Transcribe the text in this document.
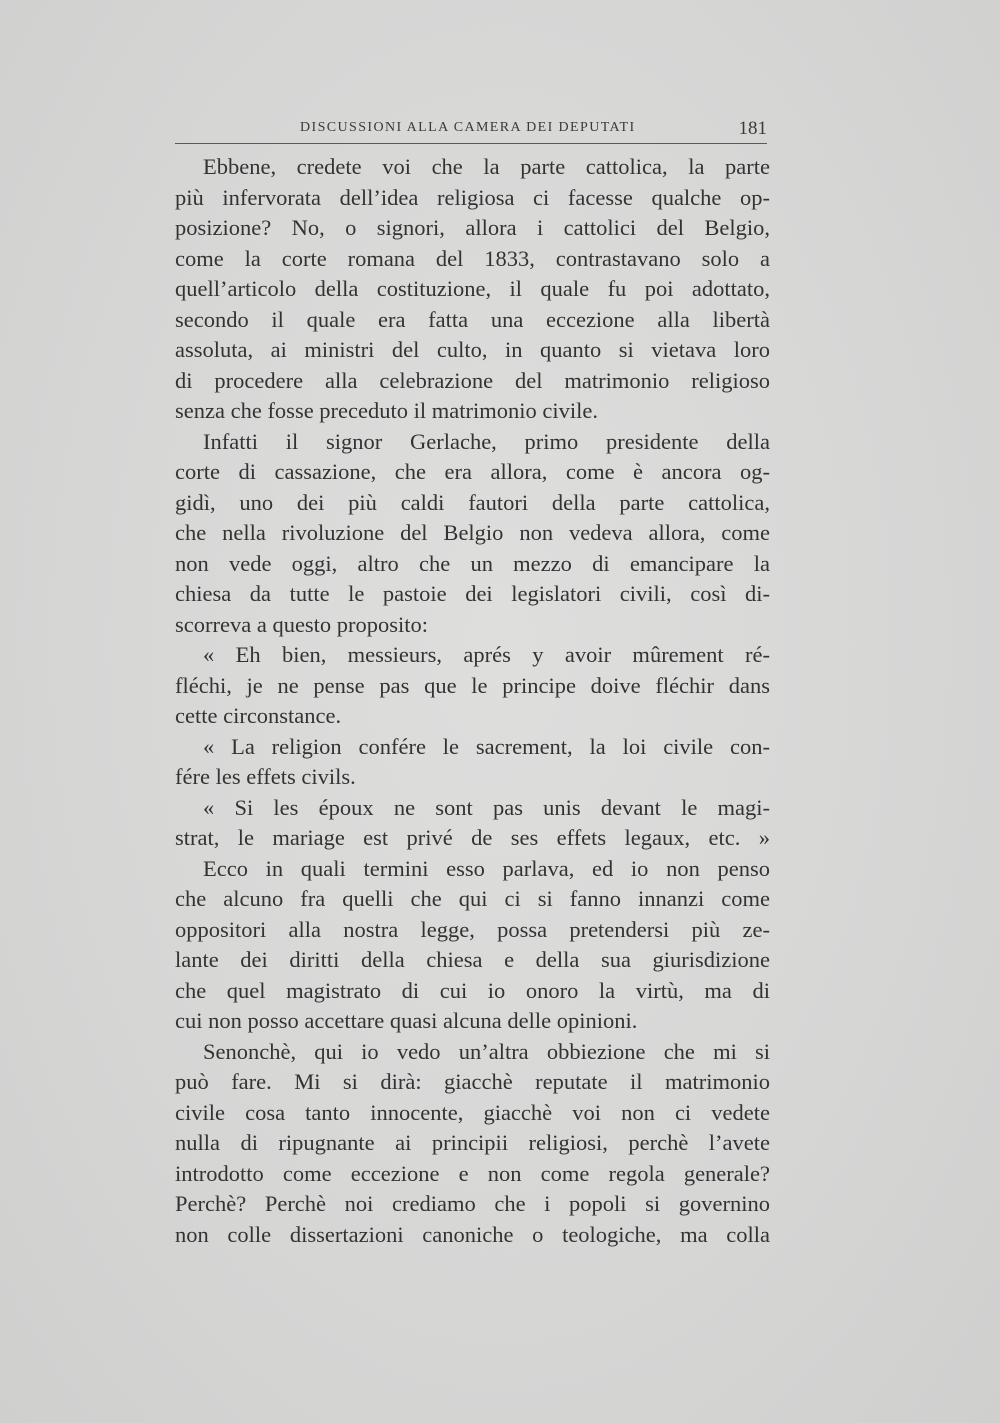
DISCUSSIONI ALLA CAMERA DEI DEPUTATI	181
Ebbene, credete voi che la parte cattolica, la parte
più infervorata dell’idea religiosa ci facesse qualche op-
posizione? No, o signori, allora i cattolici del Belgio,
come la corte romana del 1833, contrastavano solo a
quell’articolo della costituzione, il quale fu poi adottato,
secondo il quale era fatta una eccezione alla libertà
assoluta, ai ministri del culto, in quanto si vietava loro
di procedere alla celebrazione del matrimonio religioso
senza che fosse preceduto il matrimonio civile.
Infatti il signor Gerlache, primo presidente della
corte di cassazione, che era allora, come è ancora og-
gidì, uno dei più caldi fautori della parte cattolica,
che nella rivoluzione del Belgio non vedeva allora, come
non vede oggi, altro che un mezzo di emancipare la
chiesa da tutte le pastoie dei legislatori civili, così di-
scorreva a questo proposito:
« Eh bien, messieurs, aprés y avoir mûrement ré-
fléchi, je ne pense pas que le principe doive fléchir dans
cette circonstance.
« La religion confére le sacrement, la loi civile con-
fére les effets civils.
« Si les époux ne sont pas unis devant le magi-
strat, le mariage est privé de ses effets legaux, etc. »
Ecco in quali termini esso parlava, ed io non penso
che alcuno fra quelli che qui ci si fanno innanzi come
oppositori alla nostra legge, possa pretendersi più ze-
lante dei diritti della chiesa e della sua giurisdizione
che quel magistrato di cui io onoro la virtù, ma di
cui non posso accettare quasi alcuna delle opinioni.
Senonchè, qui io vedo un’altra obbiezione che mi si
può fare. Mi si dirà: giacchè reputate il matrimonio
civile cosa tanto innocente, giacchè voi non ci vedete
nulla di ripugnante ai principii religiosi, perchè l’avete
introdotto come eccezione e non come regola generale?
Perchè? Perchè noi crediamo che i popoli si governino
non colle dissertazioni canoniche o teologiche, ma colla
